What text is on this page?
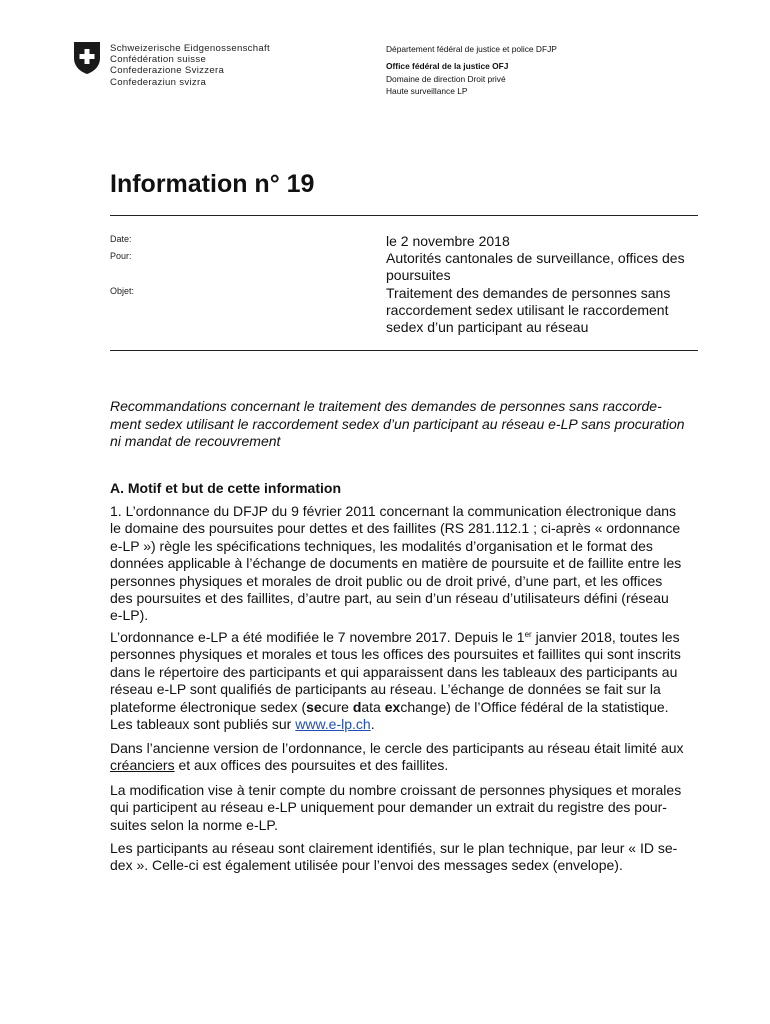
Schweizerische Eidgenossenschaft
Confédération suisse
Confederazione Svizzera
Confederaziun svizra
Département fédéral de justice et police DFJP
Office fédéral de la justice OFJ
Domaine de direction Droit privé
Haute surveillance LP
Information n° 19
Date:	le 2 novembre 2018
Pour:	Autorités cantonales de surveillance, offices des
poursuites
Objet:	Traitement des demandes de personnes sans
raccordement sedex utilisant le raccordement
sedex d’un participant au réseau
Recommandations concernant le traitement des demandes de personnes sans raccorde-
ment sedex utilisant le raccordement sedex d’un participant au réseau e-LP sans procuration
ni mandat de recouvrement
A. Motif et but de cette information
1. L’ordonnance du DFJP du 9 février 2011 concernant la communication électronique dans
le domaine des poursuites pour dettes et des faillites (RS 281.112.1 ; ci-après « ordonnance
e-LP ») règle les spécifications techniques, les modalités d’organisation et le format des
données applicable à l’échange de documents en matière de poursuite et de faillite entre les
personnes physiques et morales de droit public ou de droit privé, d’une part, et les offices
des poursuites et des faillites, d’autre part, au sein d’un réseau d’utilisateurs défini (réseau
e-LP).
L’ordonnance e-LP a été modifiée le 7 novembre 2017. Depuis le 1er janvier 2018, toutes les
personnes physiques et morales et tous les offices des poursuites et faillites qui sont inscrits
dans le répertoire des participants et qui apparaissent dans les tableaux des participants au
réseau e-LP sont qualifiés de participants au réseau. L’échange de données se fait sur la
plateforme électronique sedex (secure data exchange) de l’Office fédéral de la statistique.
Les tableaux sont publiés sur www.e-lp.ch.
Dans l’ancienne version de l’ordonnance, le cercle des participants au réseau était limité aux
créanciers et aux offices des poursuites et des faillites.
La modification vise à tenir compte du nombre croissant de personnes physiques et morales
qui participent au réseau e-LP uniquement pour demander un extrait du registre des pour-
suites selon la norme e-LP.
Les participants au réseau sont clairement identifiés, sur le plan technique, par leur « ID se-
dex ». Celle-ci est également utilisée pour l’envoi des messages sedex (envelope).
